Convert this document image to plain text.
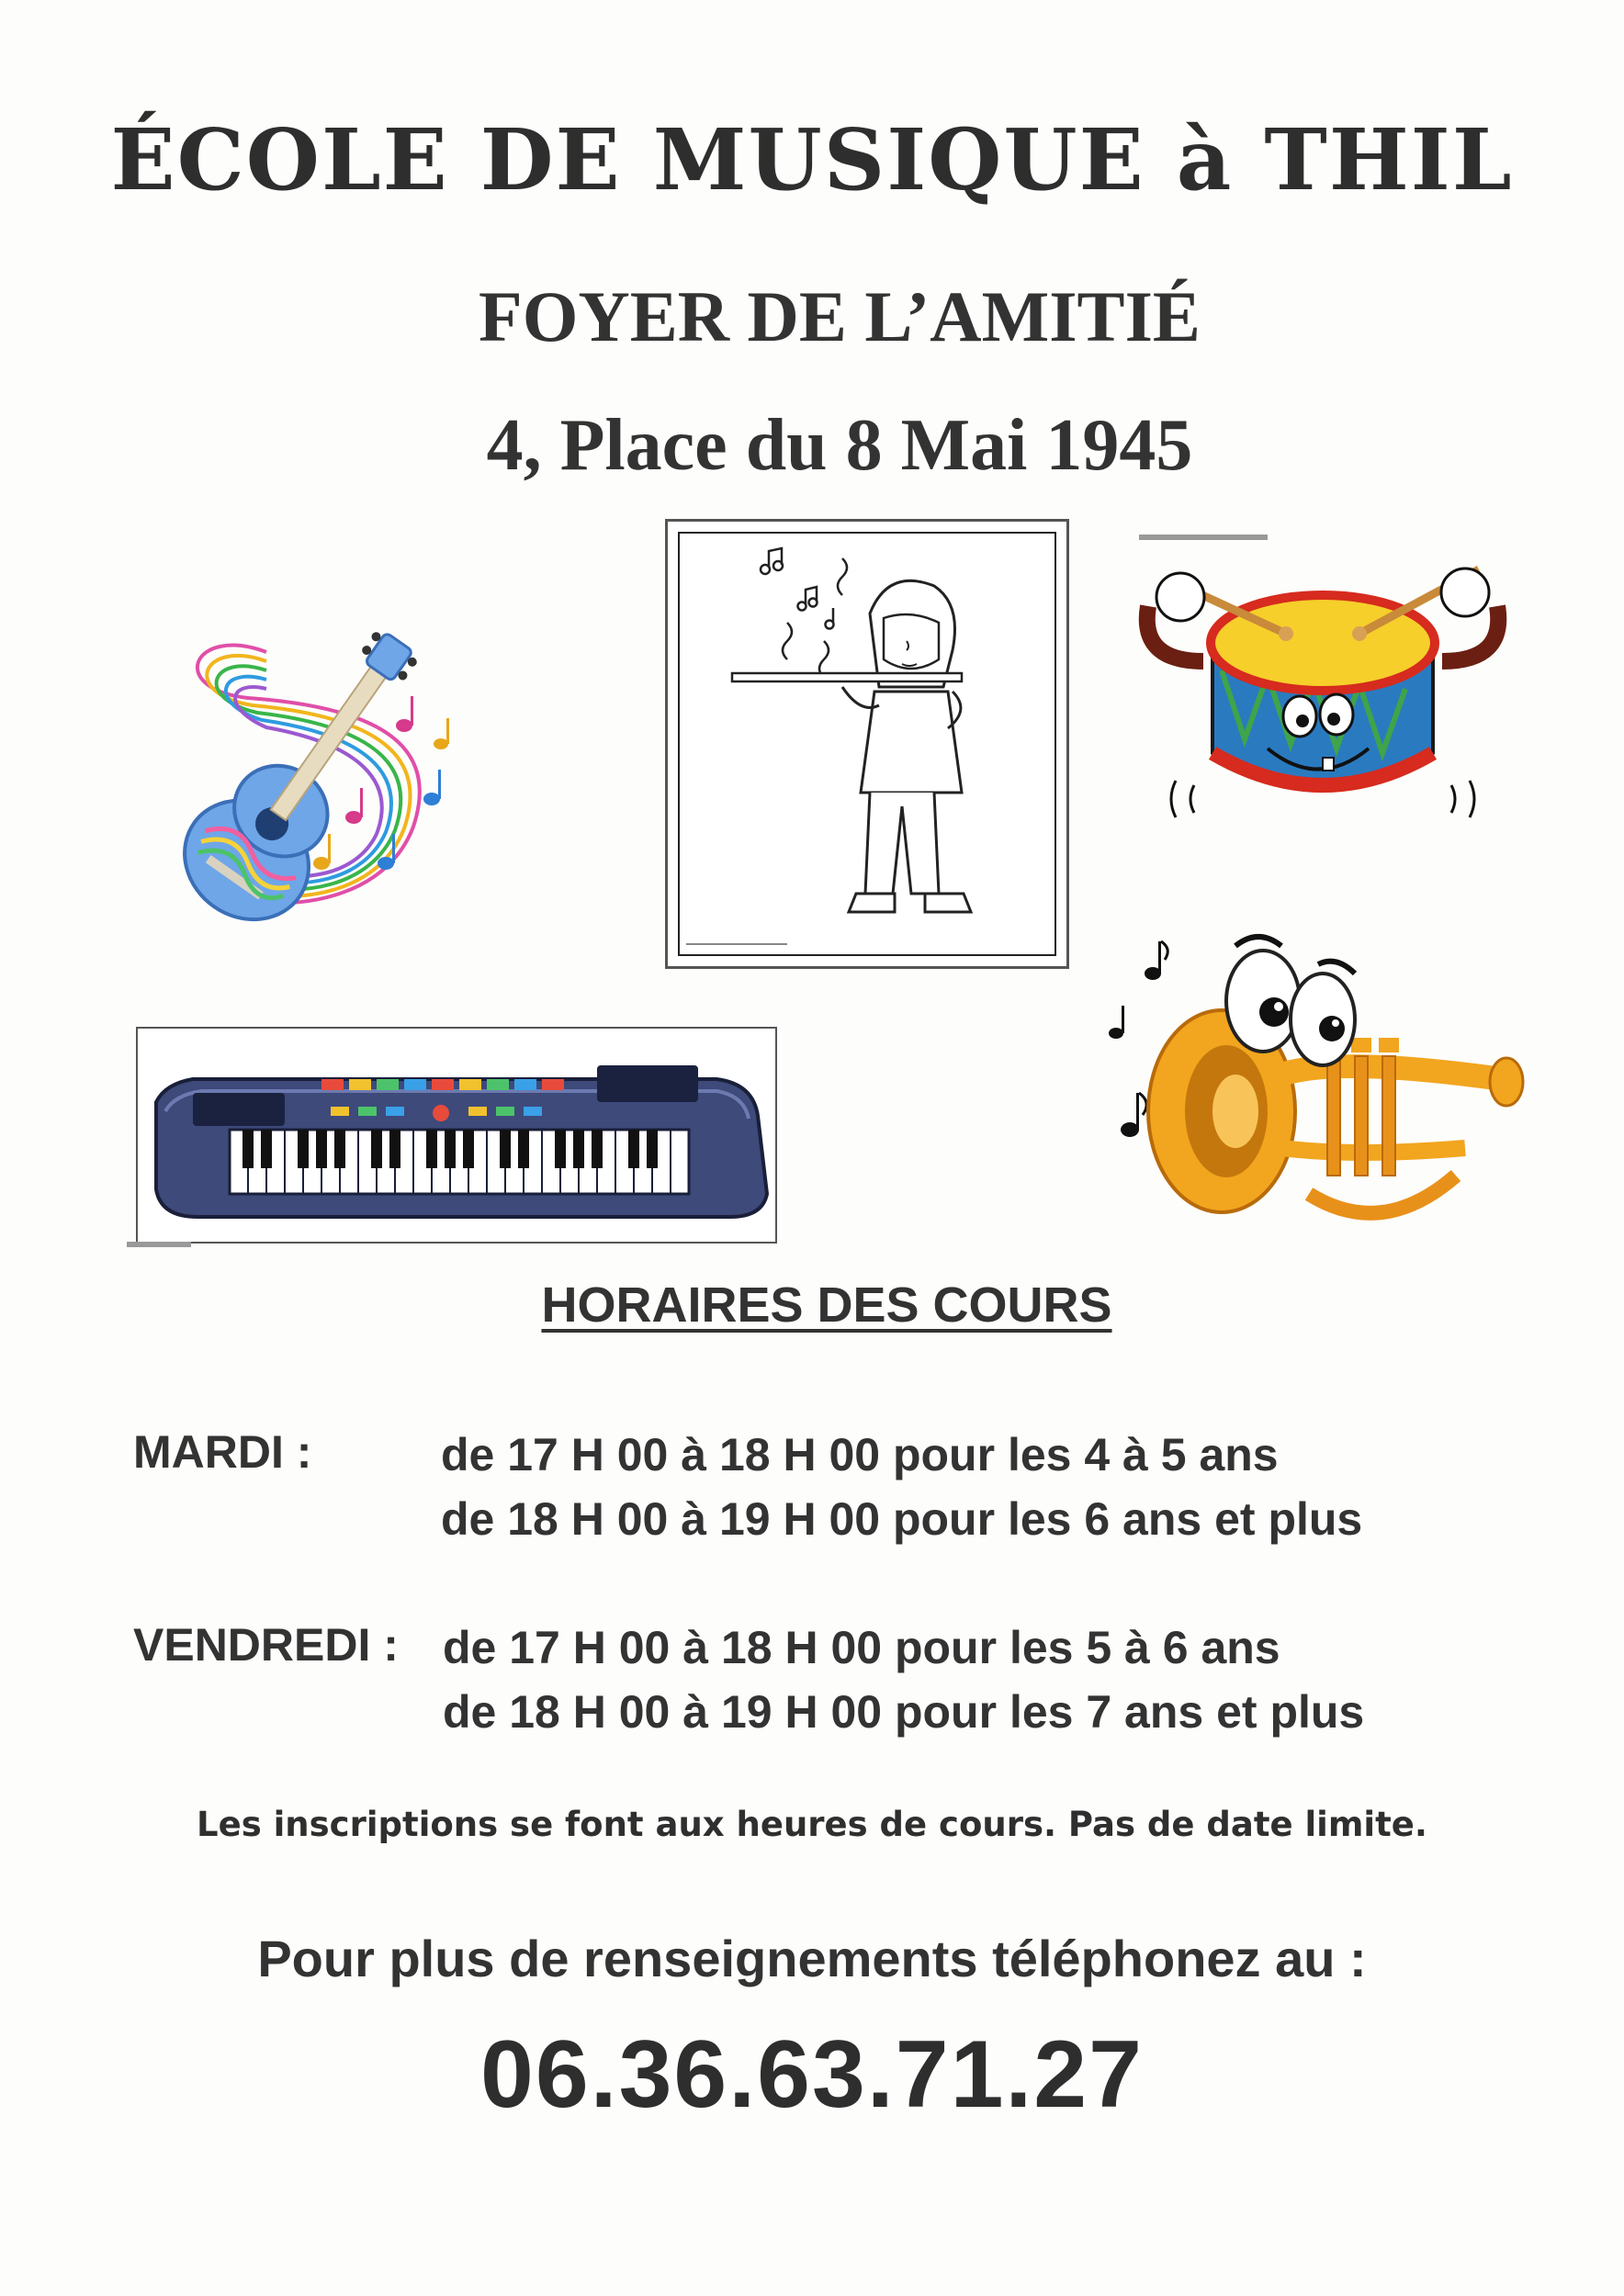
ÉCOLE DE MUSIQUE à THIL
FOYER DE L’AMITIÉ
4, Place du 8 Mai 1945
HORAIRES DES COURS
MARDI :	de 17 H 00 à 18 H 00 pour les 4 à 5 ans
de 18 H 00 à 19 H 00 pour les 6 ans et plus
VENDREDI : de 17 H 00 à 18 H 00 pour les 5 à 6 ans
de 18 H 00 à 19 H 00 pour les 7 ans et plus
Les inscriptions se font aux heures de cours. Pas de date limite.
Pour plus de renseignements téléphonez au :
06.36.63.71.27
